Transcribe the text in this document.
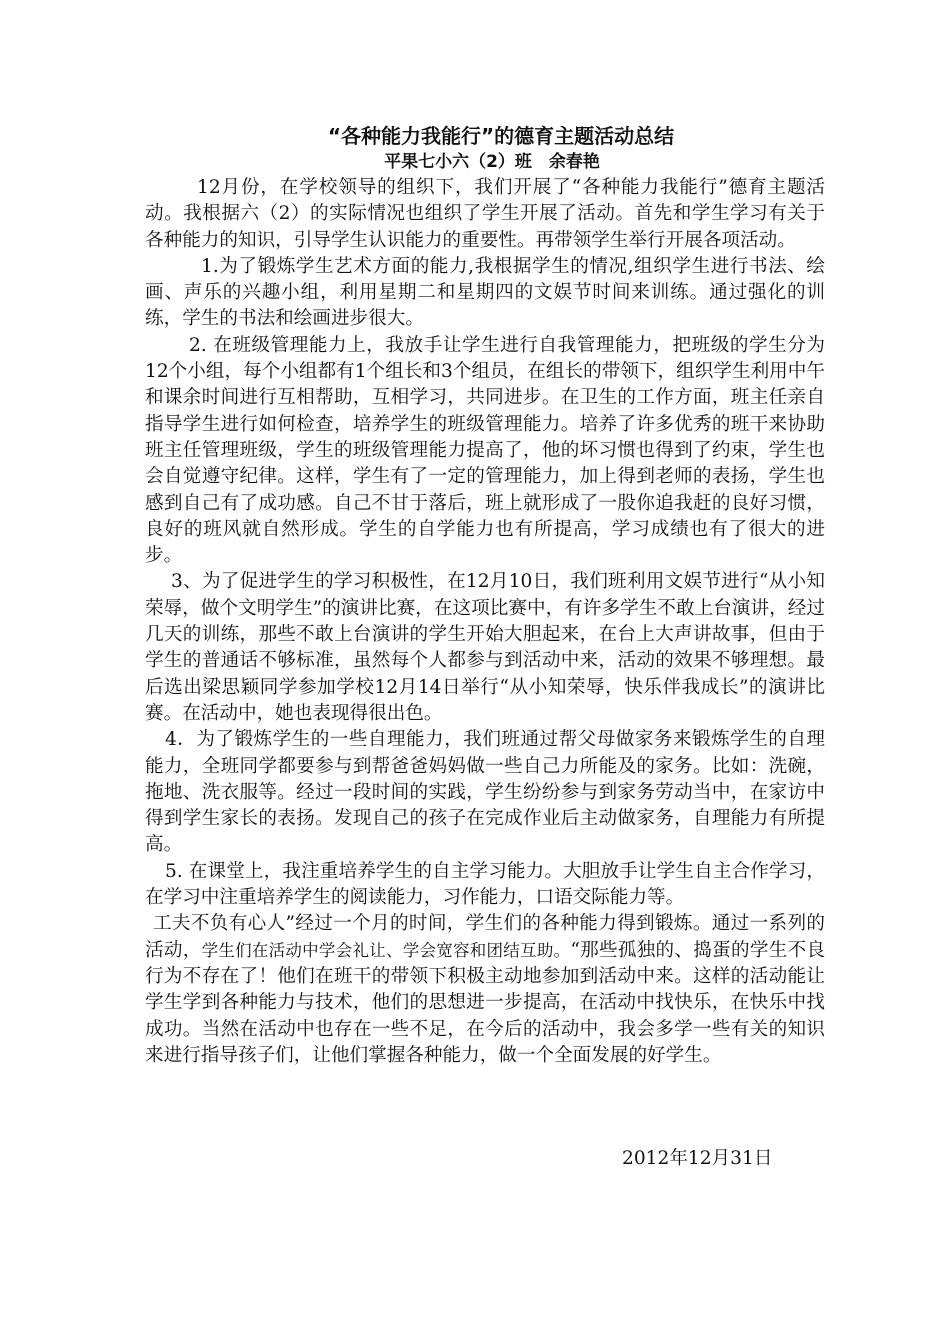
“各种能力我能行”的德育主题活动总结
平果七小六（2）班　余春艳

12月份，在学校领导的组织下，我们开展了“各种能力我能行”德育主题活动。我根据六（2）的实际情况也组织了学生开展了活动。首先和学生学习有关于各种能力的知识，引导学生认识能力的重要性。再带领学生举行开展各项活动。

1.为了锻炼学生艺术方面的能力,我根据学生的情况,组织学生进行书法、绘画、声乐的兴趣小组，利用星期二和星期四的文娱节时间来训练。通过强化的训练，学生的书法和绘画进步很大。

2. 在班级管理能力上，我放手让学生进行自我管理能力，把班级的学生分为12个小组，每个小组都有1个组长和3个组员，在组长的带领下，组织学生利用中午和课余时间进行互相帮助，互相学习，共同进步。在卫生的工作方面，班主任亲自指导学生进行如何检查，培养学生的班级管理能力。培养了许多优秀的班干来协助班主任管理班级，学生的班级管理能力提高了，他的坏习惯也得到了约束，学生也会自觉遵守纪律。这样，学生有了一定的管理能力，加上得到老师的表扬，学生也感到自己有了成功感。自己不甘于落后，班上就形成了一股你追我赶的良好习惯，良好的班风就自然形成。学生的自学能力也有所提高，学习成绩也有了很大的进步。

3、为了促进学生的学习积极性，在12月10日，我们班利用文娱节进行“从小知荣辱，做个文明学生”的演讲比赛，在这项比赛中，有许多学生不敢上台演讲，经过几天的训练，那些不敢上台演讲的学生开始大胆起来，在台上大声讲故事，但由于学生的普通话不够标准，虽然每个人都参与到活动中来，活动的效果不够理想。最后选出梁思颖同学参加学校12月14日举行“从小知荣辱，快乐伴我成长”的演讲比赛。在活动中，她也表现得很出色。

4．为了锻炼学生的一些自理能力，我们班通过帮父母做家务来锻炼学生的自理能力，全班同学都要参与到帮爸爸妈妈做一些自己力所能及的家务。比如：洗碗，拖地、洗衣服等。经过一段时间的实践，学生纷纷参与到家务劳动当中，在家访中得到学生家长的表扬。发现自己的孩子在完成作业后主动做家务，自理能力有所提高。

5. 在课堂上，我注重培养学生的自主学习能力。大胆放手让学生自主合作学习，在学习中注重培养学生的阅读能力，习作能力，口语交际能力等。

工夫不负有心人”经过一个月的时间，学生们的各种能力得到锻炼。通过一系列的活动，学生们在活动中学会礼让、学会宽容和团结互助。“那些孤独的、捣蛋的学生不良行为不存在了！他们在班干的带领下积极主动地参加到活动中来。这样的活动能让学生学到各种能力与技术，他们的思想进一步提高，在活动中找快乐，在快乐中找成功。当然在活动中也存在一些不足，在今后的活动中，我会多学一些有关的知识来进行指导孩子们，让他们掌握各种能力，做一个全面发展的好学生。

2012年12月31日
